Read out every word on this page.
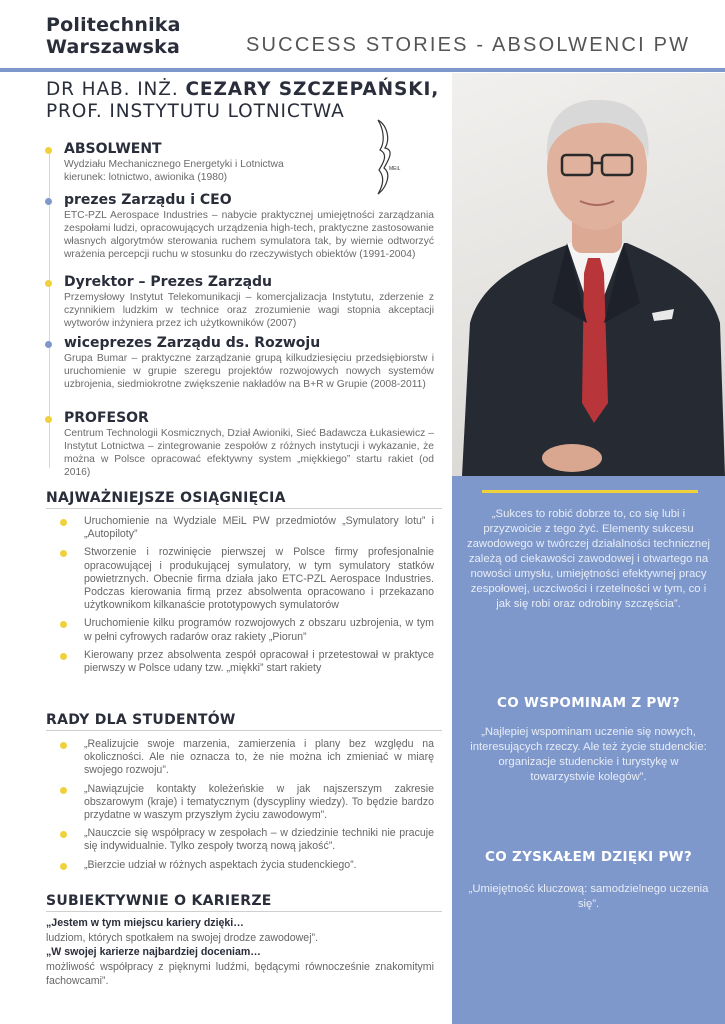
Politechnika
Warszawska	SUCCESS STORIES - ABSOLWENCI PW
DR HAB. INŻ. CEZARY SZCZEPAŃSKI,
PROF. INSTYTUTU LOTNICTWA
MEiL
ABSOLWENT

Wydziału Mechanicznego Energetyki i Lotnictwa
kierunek: lotnictwo, awionika (1980)

prezes Zarządu i CEO

ETC-PZL Aerospace Industries – nabycie praktycznej umiejętności zarządzania zespołami ludzi, opracowujących urządzenia high-tech, praktyczne zastosowanie własnych algorytmów sterowania ruchem symulatora tak, by wiernie odtworzyć wrażenia percepcji ruchu w stosunku do rzeczywistych obiektów (1991-2004)

Dyrektor – Prezes Zarządu

Przemysłowy Instytut Telekomunikacji – komercjalizacja Instytutu, zderzenie z czynnikiem ludzkim w technice oraz zrozumienie wagi stopnia akceptacji wytworów inżyniera przez ich użytkowników (2007)

wiceprezes Zarządu ds. Rozwoju

Grupa Bumar – praktyczne zarządzanie grupą kilkudziesięciu przedsiębiorstw i uruchomienie w grupie szeregu projektów rozwojowych nowych systemów uzbrojenia, siedmiokrotne zwiększenie nakładów na B+R w Grupie (2008-2011)

PROFESOR

Centrum Technologii Kosmicznych, Dział Awioniki, Sieć Badawcza Łukasiewicz – Instytut Lotnictwa – zintegrowanie zespołów z różnych instytucji i wykazanie, że można w Polsce opracować efektywny system „miękkiego” startu rakiet (od 2016)

NAJWAŻNIEJSZE OSIĄGNIĘCIA
Uruchomienie na Wydziale MEiL PW przedmiotów „Symulatory lotu” i „Autopiloty”
Stworzenie i rozwinięcie pierwszej w Polsce firmy profesjonalnie opracowującej i produkującej symulatory, w tym symulatory statków powietrznych. Obecnie firma działa jako ETC-PZL Aerospace Industries. Podczas kierowania firmą przez absolwenta opracowano i przekazano użytkownikom kilkanaście prototypowych symulatorów
Uruchomienie kilku programów rozwojowych z obszaru uzbrojenia, w tym w pełni cyfrowych radarów oraz rakiety „Piorun”
Kierowany przez absolwenta zespół opracował i przetestował w praktyce pierwszy w Polsce udany tzw. „miękki” start rakiety
RADY DLA STUDENTÓW
„Realizujcie swoje marzenia, zamierzenia i plany bez względu na okoliczności. Ale nie oznacza to, że nie można ich zmieniać w miarę swojego rozwoju”.
„Nawiązujcie kontakty koleżeńskie w jak najszerszym zakresie obszarowym (kraje) i tematycznym (dyscypliny wiedzy). To będzie bardzo przydatne w waszym przyszłym życiu zawodowym”.
„Nauczcie się współpracy w zespołach – w dziedzinie techniki nie pracuje się indywidualnie. Tylko zespoły tworzą nową jakość”.
„Bierzcie udział w różnych aspektach życia studenckiego”.
SUBIEKTYWNIE O KARIERZE
„Jestem w tym miejscu kariery dzięki…
ludziom, których spotkałem na swojej drodze zawodowej”.
„W swojej karierze najbardziej doceniam…
możliwość współpracy z pięknymi ludźmi, będącymi równocześnie znakomitymi fachowcami”.
„Sukces to robić dobrze to, co się lubi i przyzwoicie z tego żyć. Elementy sukcesu zawodowego w twórczej działalności technicznej zależą od ciekawości zawodowej i otwartego na nowości umysłu, umiejętności efektywnej pracy zespołowej, uczciwości i rzetelności w tym, co i jak się robi oraz odrobiny szczęścia”.
CO WSPOMINAM Z PW?
„Najlepiej wspominam uczenie się nowych, interesujących rzeczy. Ale też życie studenckie: organizacje studenckie i turystykę w towarzystwie kolegów”.
CO ZYSKAŁEM DZIĘKI PW?
„Umiejętność kluczową: samodzielnego uczenia się”.
